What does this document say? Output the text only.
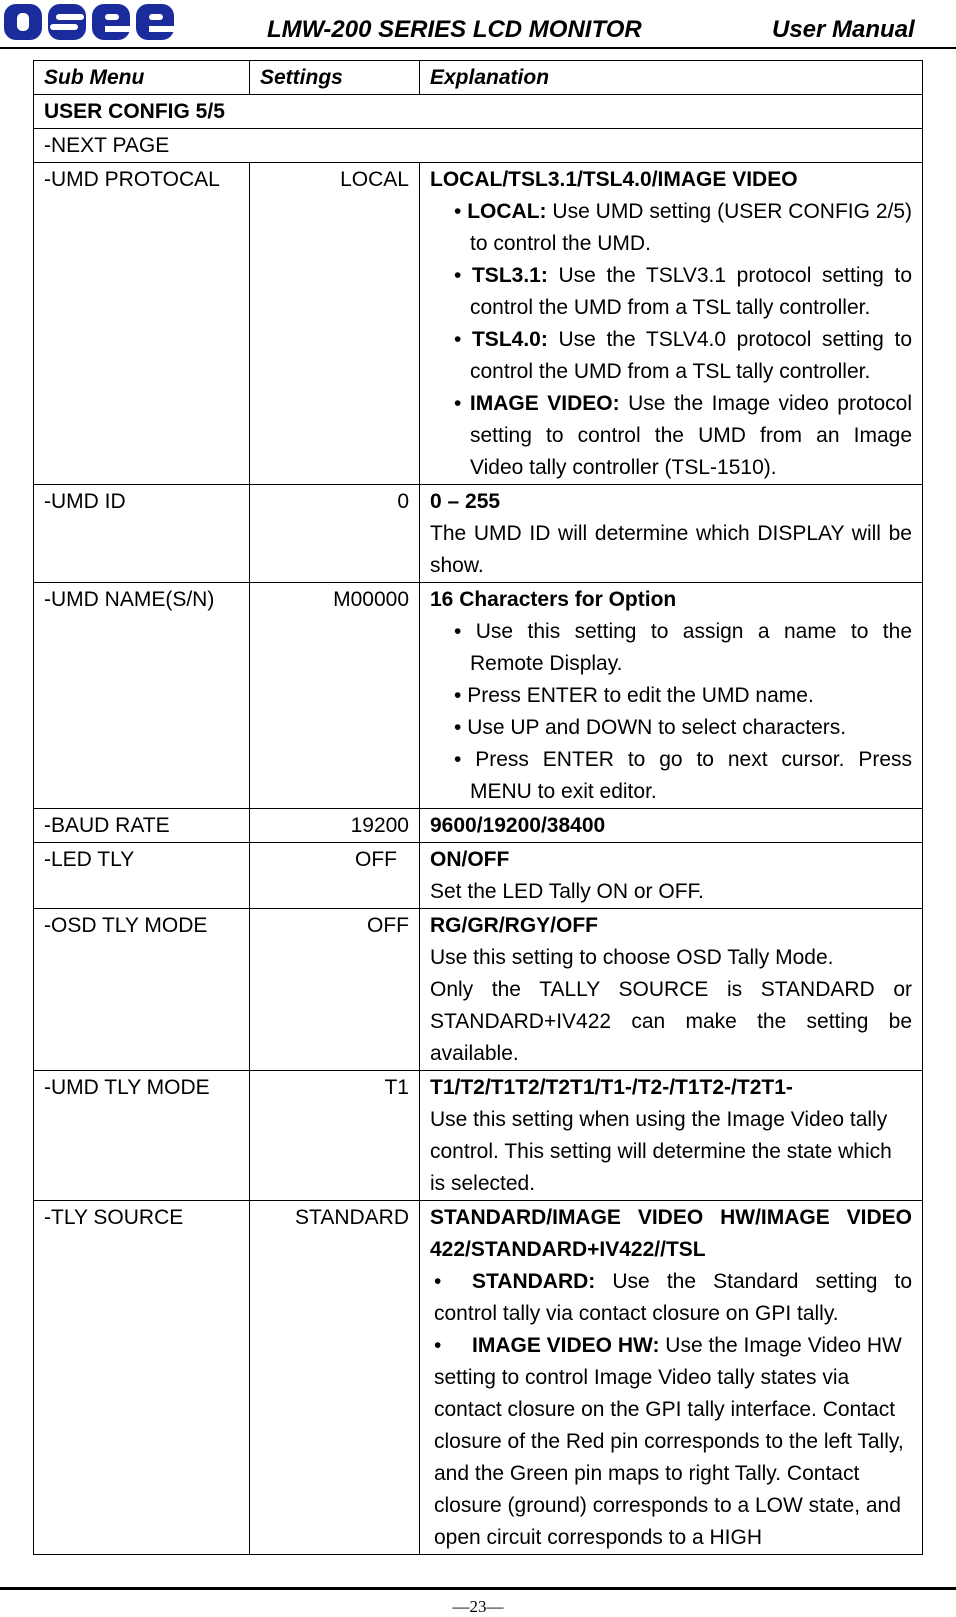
LMW-200 SERIES LCD MONITOR	User Manual
Sub Menu	Settings	Explanation
USER CONFIG 5/5		
-NEXT PAGE		
-UMD PROTOCAL	LOCAL	LOCAL/TSL3.1/TSL4.0/IMAGE VIDEO

• LOCAL: Use UMD setting (USER CONFIG 2/5) to control the UMD.

• TSL3.1: Use the TSLV3.1 protocol setting to control the UMD from a TSL tally controller.

• TSL4.0: Use the TSLV4.0 protocol setting to control the UMD from a TSL tally controller.

• IMAGE VIDEO: Use the Image video protocol setting to control the UMD from an Image Video tally controller (TSL-1510).

-UMD ID	0	0 – 255
The UMD ID will determine which DISPLAY will be show.

-UMD NAME(S/N)	M00000	16 Characters for Option

• Use this setting to assign a name to the Remote Display.

• Press ENTER to edit the UMD name.

• Use UP and DOWN to select characters.

• Press ENTER to go to next cursor. Press MENU to exit editor.

-BAUD RATE	19200	9600/19200/38400
-LED TLY	OFF	ON/OFF
Set the LED Tally ON or OFF.

-OSD TLY MODE	OFF	RG/GR/RGY/OFF
Use this setting to choose OSD Tally Mode.
Only the TALLY SOURCE is STANDARD or STANDARD+IV422 can make the setting be available.

-UMD TLY MODE	T1	T1/T2/T1T2/T2T1/T1-/T2-/T1T2-/T2T1-
Use this setting when using the Image Video tally control. This setting will determine the state which is selected.

-TLY SOURCE	STANDARD	STANDARD/IMAGE VIDEO HW/IMAGE VIDEO 422/STANDARD+IV422//TSL

• STANDARD: Use the Standard setting to control tally via contact closure on GPI tally.

• IMAGE VIDEO HW: Use the Image Video HW setting to control Image Video tally states via contact closure on the GPI tally interface. Contact closure of the Red pin corresponds to the left Tally, and the Green pin maps to right Tally. Contact closure (ground) corresponds to a LOW state, and open circuit corresponds to a HIGH

—23—
